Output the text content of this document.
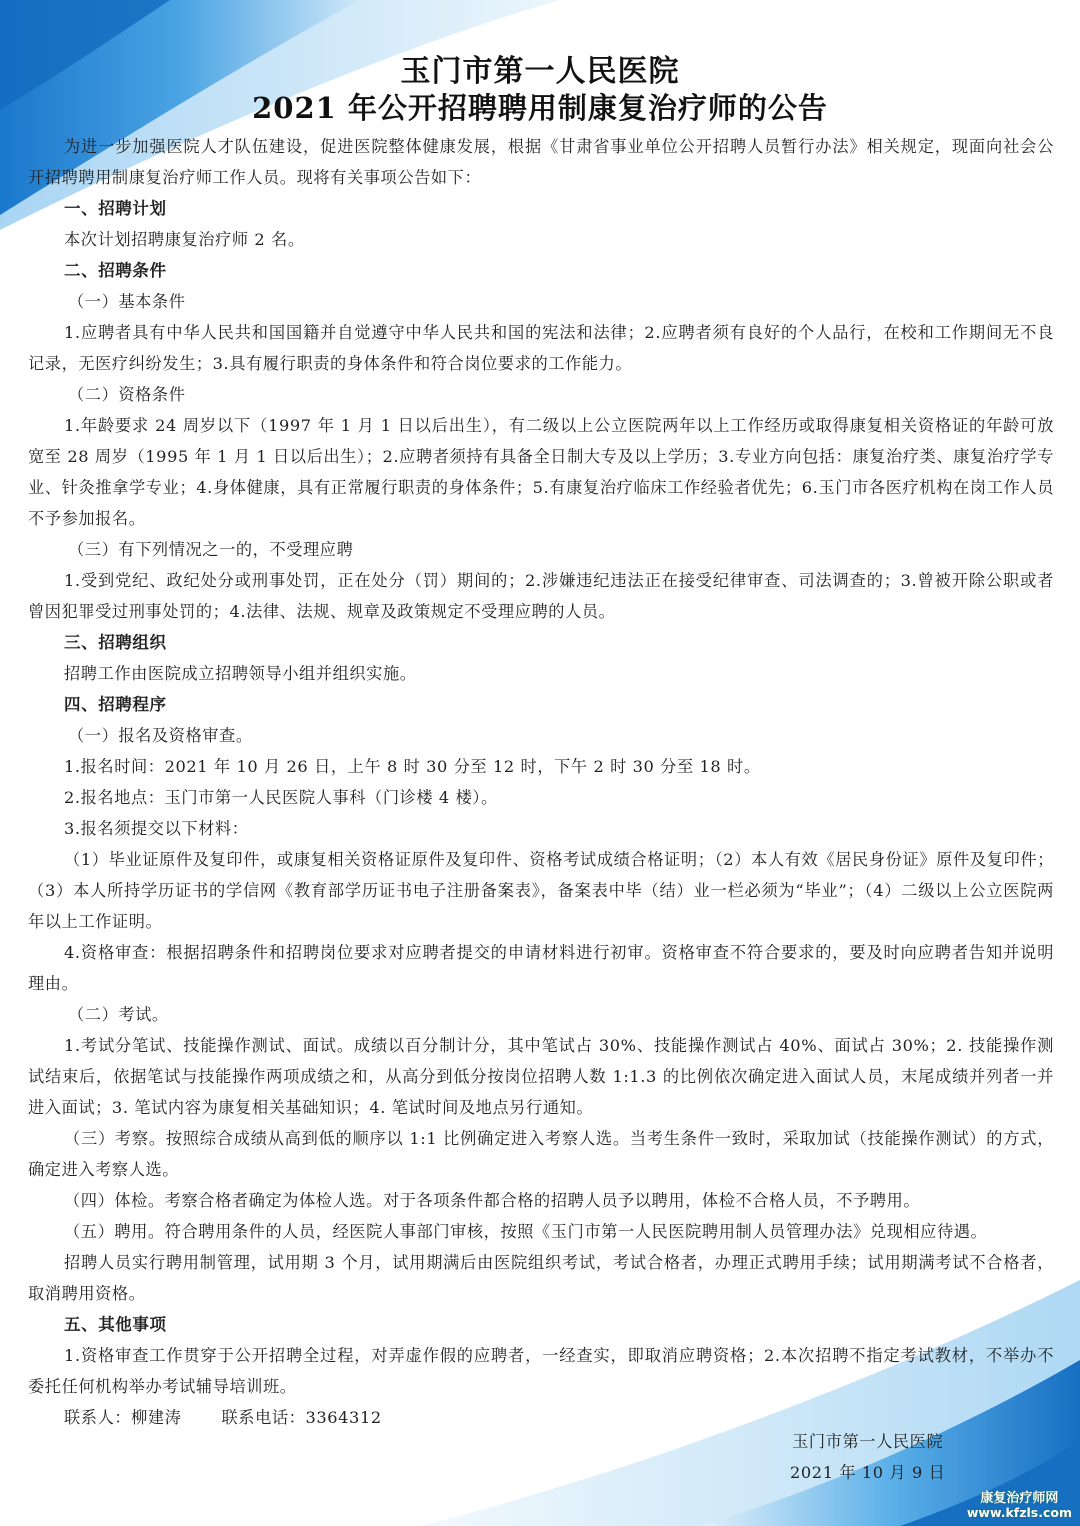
玉门市第一人民医院
2021 年公开招聘聘用制康复治疗师的公告

为进一步加强医院人才队伍建设，促进医院整体健康发展，根据《甘肃省事业单位公开招聘人员暂行办法》相关规定，现面向社会公开招聘聘用制康复治疗师工作人员。现将有关事项公告如下：

一、招聘计划

本次计划招聘康复治疗师 2 名。

二、招聘条件

（一）基本条件

1.应聘者具有中华人民共和国国籍并自觉遵守中华人民共和国的宪法和法律；2.应聘者须有良好的个人品行，在校和工作期间无不良记录，无医疗纠纷发生；3.具有履行职责的身体条件和符合岗位要求的工作能力。

（二）资格条件

1.年龄要求 24 周岁以下（1997 年 1 月 1 日以后出生），有二级以上公立医院两年以上工作经历或取得康复相关资格证的年龄可放宽至 28 周岁（1995 年 1 月 1 日以后出生）；2.应聘者须持有具备全日制大专及以上学历；3.专业方向包括：康复治疗类、康复治疗学专业、针灸推拿学专业；4.身体健康，具有正常履行职责的身体条件；5.有康复治疗临床工作经验者优先；6.玉门市各医疗机构在岗工作人员不予参加报名。

（三）有下列情况之一的，不受理应聘

1.受到党纪、政纪处分或刑事处罚，正在处分（罚）期间的；2.涉嫌违纪违法正在接受纪律审查、司法调查的；3.曾被开除公职或者曾因犯罪受过刑事处罚的；4.法律、法规、规章及政策规定不受理应聘的人员。

三、招聘组织

招聘工作由医院成立招聘领导小组并组织实施。

四、招聘程序

（一）报名及资格审查。

1.报名时间：2021 年 10 月 26 日，上午 8 时 30 分至 12 时，下午 2 时 30 分至 18 时。

2.报名地点：玉门市第一人民医院人事科（门诊楼 4 楼）。

3.报名须提交以下材料：

（1）毕业证原件及复印件，或康复相关资格证原件及复印件、资格考试成绩合格证明；（2）本人有效《居民身份证》原件及复印件；（3）本人所持学历证书的学信网《教育部学历证书电子注册备案表》，备案表中毕（结）业一栏必须为“毕业”；（4）二级以上公立医院两年以上工作证明。

4.资格审查：根据招聘条件和招聘岗位要求对应聘者提交的申请材料进行初审。资格审查不符合要求的，要及时向应聘者告知并说明理由。

（二）考试。

1.考试分笔试、技能操作测试、面试。成绩以百分制计分，其中笔试占 30%、技能操作测试占 40%、面试占 30%；2. 技能操作测试结束后，依据笔试与技能操作两项成绩之和，从高分到低分按岗位招聘人数 1:1.3 的比例依次确定进入面试人员，末尾成绩并列者一并进入面试；3. 笔试内容为康复相关基础知识；4. 笔试时间及地点另行通知。

（三）考察。按照综合成绩从高到低的顺序以 1:1 比例确定进入考察人选。当考生条件一致时，采取加试（技能操作测试）的方式，确定进入考察人选。

（四）体检。考察合格者确定为体检人选。对于各项条件都合格的招聘人员予以聘用，体检不合格人员，不予聘用。

（五）聘用。符合聘用条件的人员，经医院人事部门审核，按照《玉门市第一人民医院聘用制人员管理办法》兑现相应待遇。

招聘人员实行聘用制管理，试用期 3 个月，试用期满后由医院组织考试，考试合格者，办理正式聘用手续；试用期满考试不合格者，取消聘用资格。

五、其他事项

1.资格审查工作贯穿于公开招聘全过程，对弄虚作假的应聘者，一经查实，即取消应聘资格；2.本次招聘不指定考试教材，不举办不委托任何机构举办考试辅导培训班。

联系人：柳建涛 联系电话：3364312

玉门市第一人民医院
2021 年 10 月 9 日
康复治疗师网
www.kfzls.com
